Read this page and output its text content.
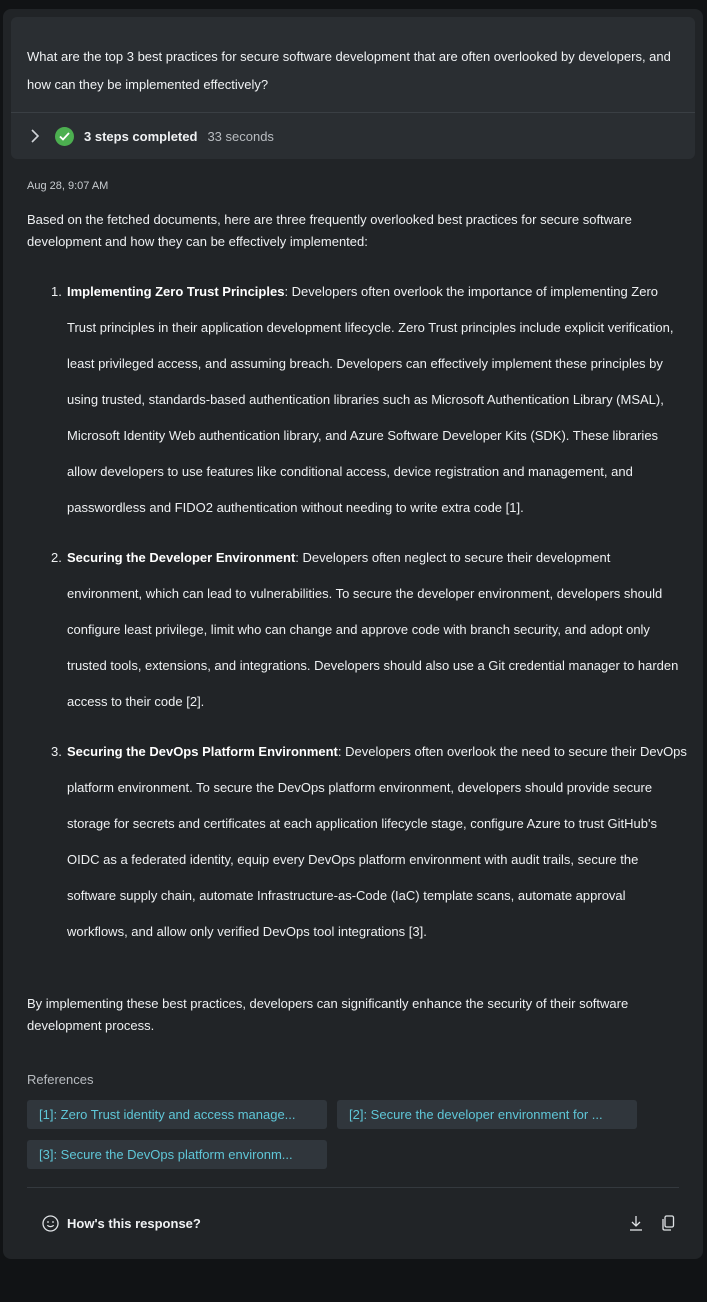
What are the top 3 best practices for secure software development that are often overlooked by developers, and how can they be implemented effectively?
3 steps completed 33 seconds
Aug 28, 9:07 AM
Based on the fetched documents, here are three frequently overlooked best practices for secure software development and how they can be effectively implemented:
1. Implementing Zero Trust Principles: Developers often overlook the importance of implementing Zero Trust principles in their application development lifecycle. Zero Trust principles include explicit verification, least privileged access, and assuming breach. Developers can effectively implement these principles by using trusted, standards-based authentication libraries such as Microsoft Authentication Library (MSAL), Microsoft Identity Web authentication library, and Azure Software Developer Kits (SDK). These libraries allow developers to use features like conditional access, device registration and management, and passwordless and FIDO2 authentication without needing to write extra code [1].
2. Securing the Developer Environment: Developers often neglect to secure their development environment, which can lead to vulnerabilities. To secure the developer environment, developers should configure least privilege, limit who can change and approve code with branch security, and adopt only trusted tools, extensions, and integrations. Developers should also use a Git credential manager to harden access to their code [2].
3. Securing the DevOps Platform Environment: Developers often overlook the need to secure their DevOps platform environment. To secure the DevOps platform environment, developers should provide secure storage for secrets and certificates at each application lifecycle stage, configure Azure to trust GitHub's OIDC as a federated identity, equip every DevOps platform environment with audit trails, secure the software supply chain, automate Infrastructure-as-Code (IaC) template scans, automate approval workflows, and allow only verified DevOps tool integrations [3].
By implementing these best practices, developers can significantly enhance the security of their software development process.
References
[1]: Zero Trust identity and access manage...	[2]: Secure the developer environment for ...
[3]: Secure the DevOps platform environm...
How's this response?
